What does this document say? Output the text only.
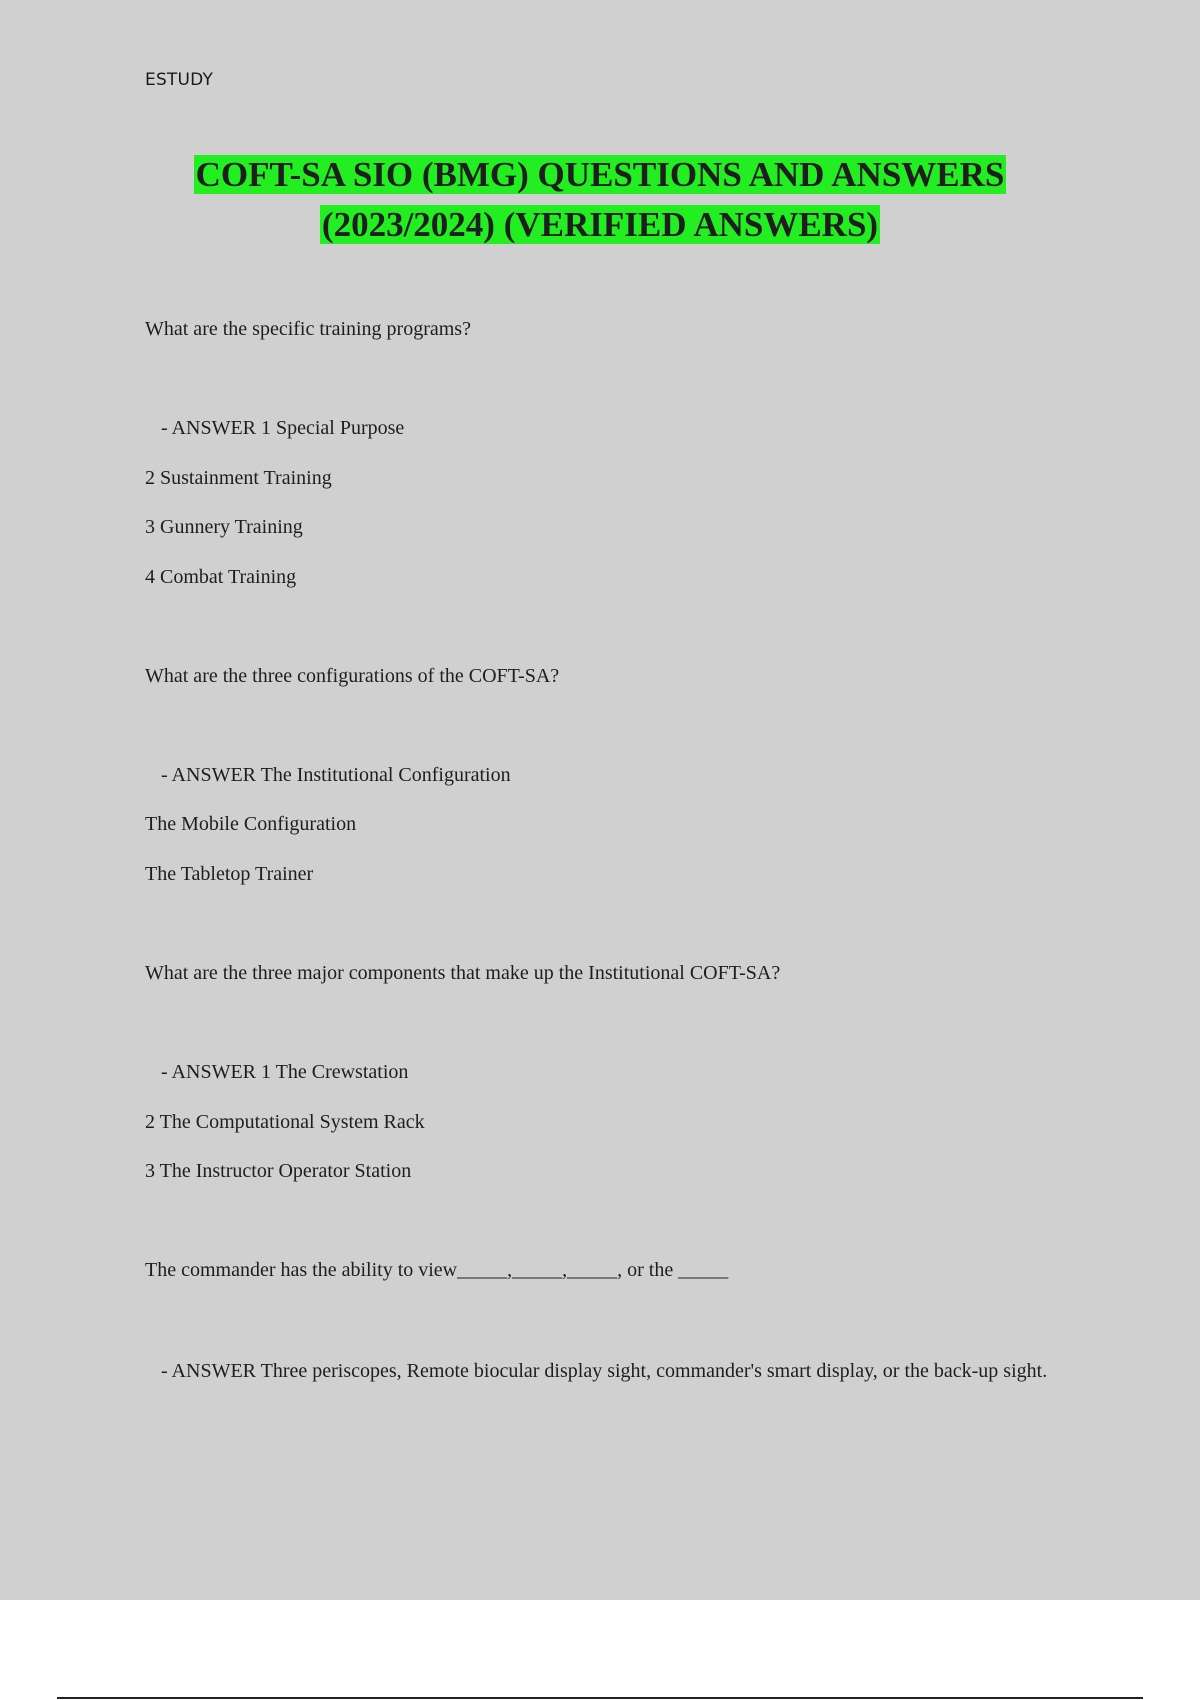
ESTUDY
COFT-SA SIO (BMG) QUESTIONS AND ANSWERS
(2023/2024) (VERIFIED ANSWERS)
What are the specific training programs?
- ANSWER 1 Special Purpose
2 Sustainment Training
3 Gunnery Training
4 Combat Training
What are the three configurations of the COFT-SA?
- ANSWER The Institutional Configuration
The Mobile Configuration
The Tabletop Trainer
What are the three major components that make up the Institutional COFT-SA?
- ANSWER 1 The Crewstation
2 The Computational System Rack
3 The Instructor Operator Station
The commander has the ability to view_____,_____,_____, or the _____
- ANSWER Three periscopes, Remote biocular display sight, commander's smart display, or the back-up sight.
